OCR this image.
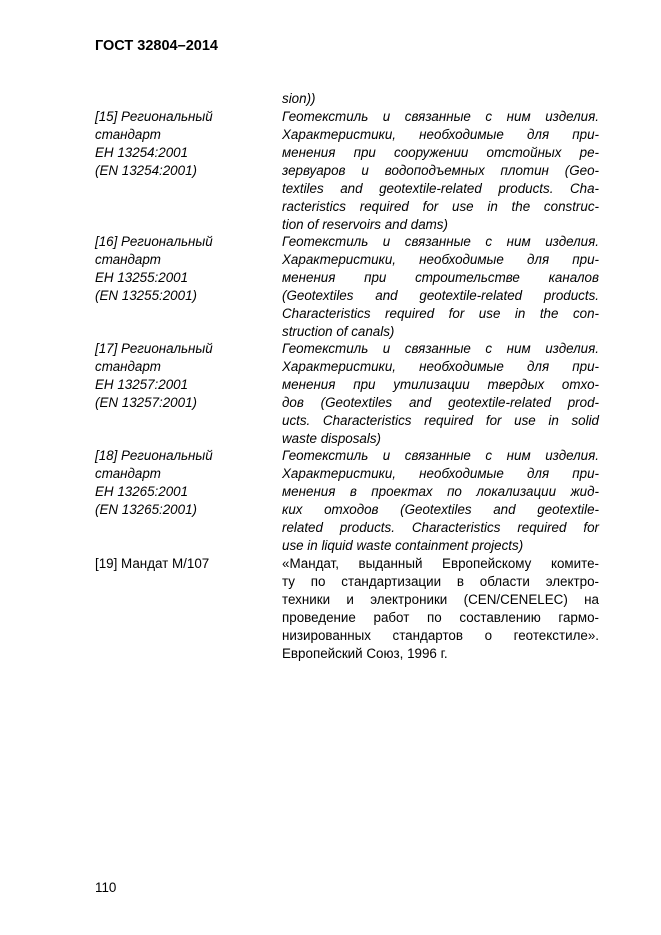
ГОСТ 32804–2014
sion))
[15] Региональный
стандарт
ЕН 13254:2001
(EN 13254:2001)
Геотекстиль и связанные с ним изделия.
Характеристики, необходимые для при-
менения при сооружении отстойных ре-
зервуаров и водоподъемных плотин (Geo-
textiles and geotextile-related products. Cha-
racteristics required for use in the construc-
tion of reservoirs and dams)
[16] Региональный
стандарт
ЕН 13255:2001
(EN 13255:2001)
Геотекстиль и связанные с ним изделия.
Характеристики, необходимые для при-
менения при строительстве каналов
(Geotextiles and geotextile-related products.
Characteristics required for use in the con-
struction of canals)
[17] Региональный
стандарт
ЕН 13257:2001
(EN 13257:2001)
Геотекстиль и связанные с ним изделия.
Характеристики, необходимые для при-
менения при утилизации твердых отхо-
дов (Geotextiles and geotextile-related prod-
ucts. Characteristics required for use in solid
waste disposals)
[18] Региональный
стандарт
ЕН 13265:2001
(EN 13265:2001)
Геотекстиль и связанные с ним изделия.
Характеристики, необходимые для при-
менения в проектах по локализации жид-
ких отходов (Geotextiles and geotextile-
related products. Characteristics required for
use in liquid waste containment projects)
[19] Мандат М/107	«Мандат, выданный Европейскому комите-
ту по стандартизации в области электро-
техники и электроники (CEN/CENELEC) на
проведение работ по составлению гармо-
низированных стандартов о геотекстиле».
Европейский Союз, 1996 г.
110
